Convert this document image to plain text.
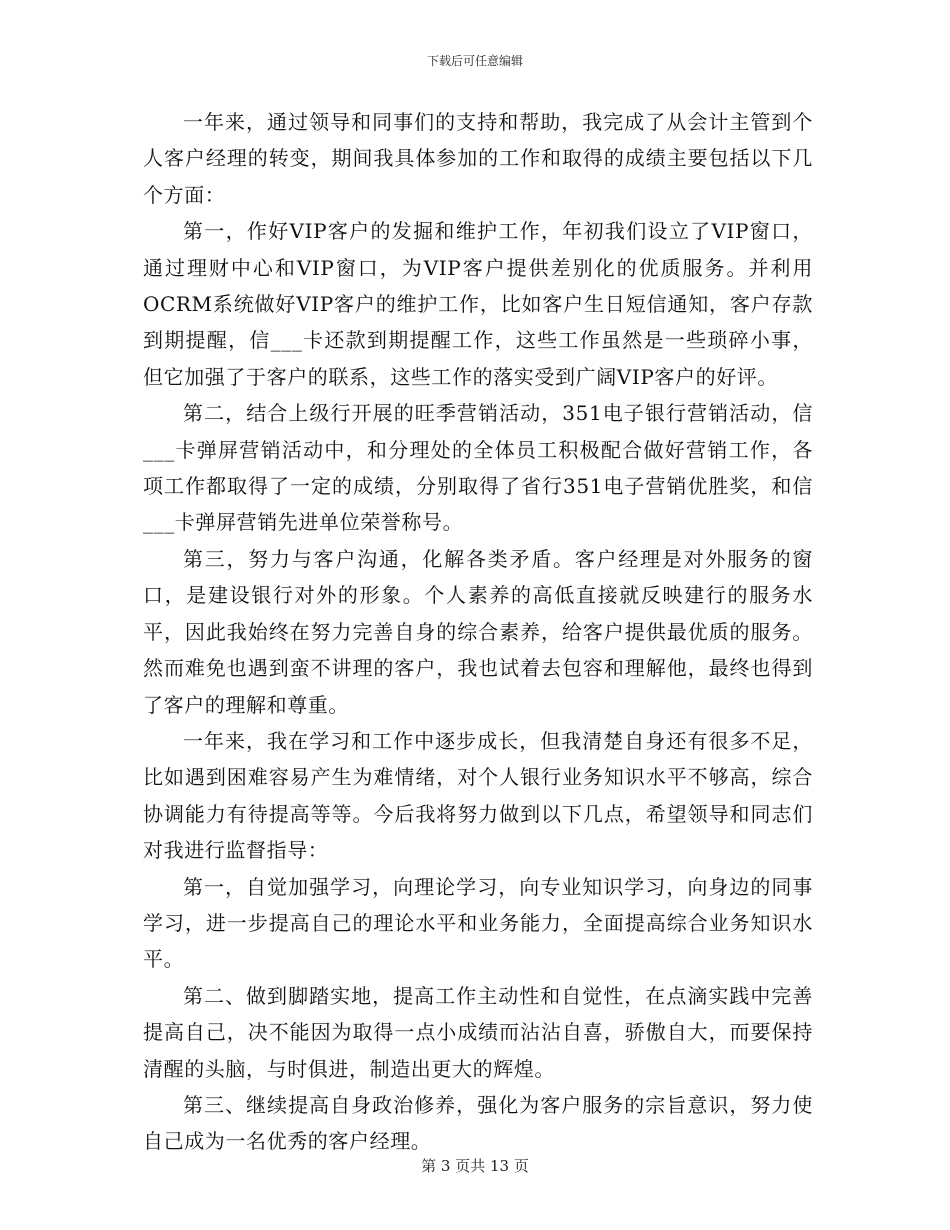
下载后可任意编辑

一年来，通过领导和同事们的支持和帮助，我完成了从会计主管到个人客户经理的转变，期间我具体参加的工作和取得的成绩主要包括以下几个方面：

第一，作好VIP客户的发掘和维护工作，年初我们设立了VIP窗口，通过理财中心和VIP窗口，为VIP客户提供差别化的优质服务。并利用OCRM系统做好VIP客户的维护工作，比如客户生日短信通知，客户存款到期提醒，信___卡还款到期提醒工作，这些工作虽然是一些琐碎小事，但它加强了于客户的联系，这些工作的落实受到广阔VIP客户的好评。

第二，结合上级行开展的旺季营销活动，351电子银行营销活动，信___卡弹屏营销活动中，和分理处的全体员工积极配合做好营销工作，各项工作都取得了一定的成绩，分别取得了省行351电子营销优胜奖，和信___卡弹屏营销先进单位荣誉称号。

第三，努力与客户沟通，化解各类矛盾。客户经理是对外服务的窗口，是建设银行对外的形象。个人素养的高低直接就反映建行的服务水平，因此我始终在努力完善自身的综合素养，给客户提供最优质的服务。然而难免也遇到蛮不讲理的客户，我也试着去包容和理解他，最终也得到了客户的理解和尊重。

一年来，我在学习和工作中逐步成长，但我清楚自身还有很多不足，比如遇到困难容易产生为难情绪，对个人银行业务知识水平不够高，综合协调能力有待提高等等。今后我将努力做到以下几点，希望领导和同志们对我进行监督指导：

第一，自觉加强学习，向理论学习，向专业知识学习，向身边的同事学习，进一步提高自己的理论水平和业务能力，全面提高综合业务知识水平。

第二、做到脚踏实地，提高工作主动性和自觉性，在点滴实践中完善提高自己，决不能因为取得一点小成绩而沾沾自喜，骄傲自大，而要保持清醒的头脑，与时俱进，制造出更大的辉煌。

第三、继续提高自身政治修养，强化为客户服务的宗旨意识，努力使自己成为一名优秀的客户经理。

第 3 页共 13 页
